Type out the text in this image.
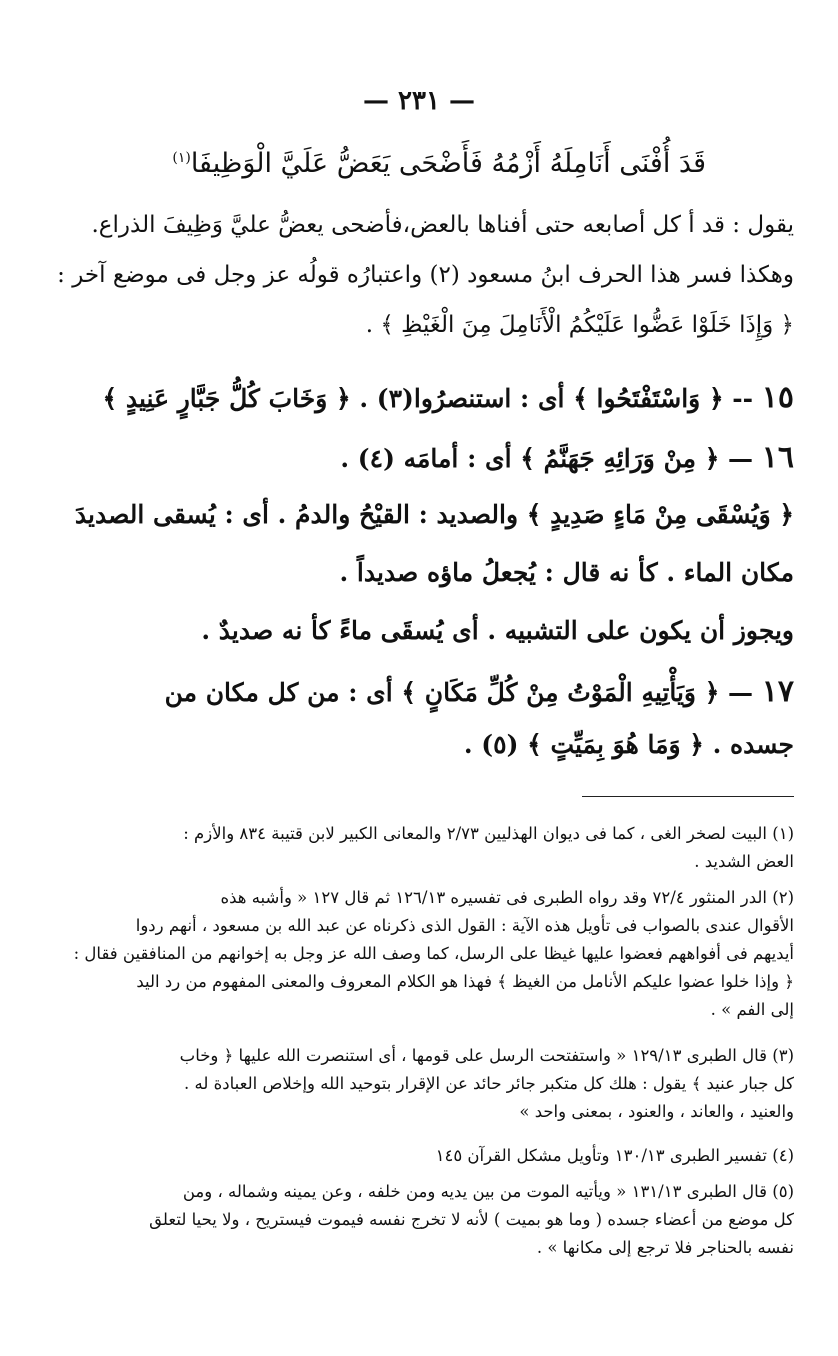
— ٢٣١ —
قَدَ أُفْنَى أَنَامِلَهُ أَزْمُهُ فَأَضْحَى يَعَضُّ عَلَيَّ الْوَظِيفَا$^{(١)}$
يقول : قد أ كل أصابعه حتى أفناها بالعض،فأضحى يعضُّ عليَّ وَظِيفَ الذراع.
وهكذا فسر هذا الحرف ابنُ مسعود (٢) واعتبارُه قولُه عز وجل فى موضع آخر :
﴿ وَإِذَا خَلَوْا عَضُّوا عَلَيْكُمُ الْأَنَامِلَ مِنَ الْغَيْظِ ﴾ .
١٥ -- ﴿ وَاسْتَفْتَحُوا ﴾ أى : استنصرُوا(٣) . ﴿ وَخَابَ كُلُّ جَبَّارٍ عَنِيدٍ ﴾
١٦ — ﴿ مِنْ وَرَائِهِ جَهَنَّمُ ﴾ أى : أمامَه (٤) .
﴿ وَيُسْقَى مِنْ مَاءٍ صَدِيدٍ ﴾ والصديد : القيْحُ والدمُ . أى : يُسقى الصديدَ
مكان الماء . كأ نه قال : يُجعلُ ماؤه صديداً .
ويجوز أن يكون على التشبيه . أى يُسقَى ماءً كأ نه صديدٌ .
١٧ — ﴿ وَيَأْتِيهِ الْمَوْتُ مِنْ كُلِّ مَكَانٍ ﴾ أى : من كل مكان من
جسده . ﴿ وَمَا هُوَ بِمَيِّتٍ ﴾ (٥) .
(١) البيت لصخر الغى ، كما فى ديوان الهذليين ٢/٧٣ والمعانى الكبير لابن قتيبة ٨٣٤ والأزم :
العض الشديد .
(٢) الدر المنثور ٧٢/٤ وقد رواه الطبرى فى تفسيره ١٢٦/١٣ ثم قال ١٢٧ « وأشبه هذه
الأقوال عندى بالصواب فى تأويل هذه الآية : القول الذى ذكرناه عن عبد الله بن مسعود ، أنهم ردوا
أيديهم فى أفواههم فعضوا عليها غيظا على الرسل، كما وصف الله عز وجل به إخوانهم من المنافقين فقال :
﴿ وإذا خلوا عضوا عليكم الأنامل من الغيظ ﴾ فهذا هو الكلام المعروف والمعنى المفهوم من رد اليد
إلى الفم » .
(٣) قال الطبرى ١٢٩/١٣ « واستفتحت الرسل على قومها ، أى استنصرت الله عليها ﴿ وخاب
كل جبار عنيد ﴾ يقول : هلك كل متكبر جائر حائد عن الإقرار بتوحيد الله وإخلاص العبادة له .
والعنيد ، والعاند ، والعنود ، بمعنى واحد »
(٤) تفسير الطبرى ١٣٠/١٣ وتأويل مشكل القرآن ١٤٥
(٥) قال الطبرى ١٣١/١٣ « ويأتيه الموت من بين يديه ومن خلفه ، وعن يمينه وشماله ، ومن
كل موضع من أعضاء جسده ( وما هو بميت ) لأنه لا تخرج نفسه فيموت فيستريح ، ولا يحيا لتعلق
نفسه بالحناجر فلا ترجع إلى مكانها » .
